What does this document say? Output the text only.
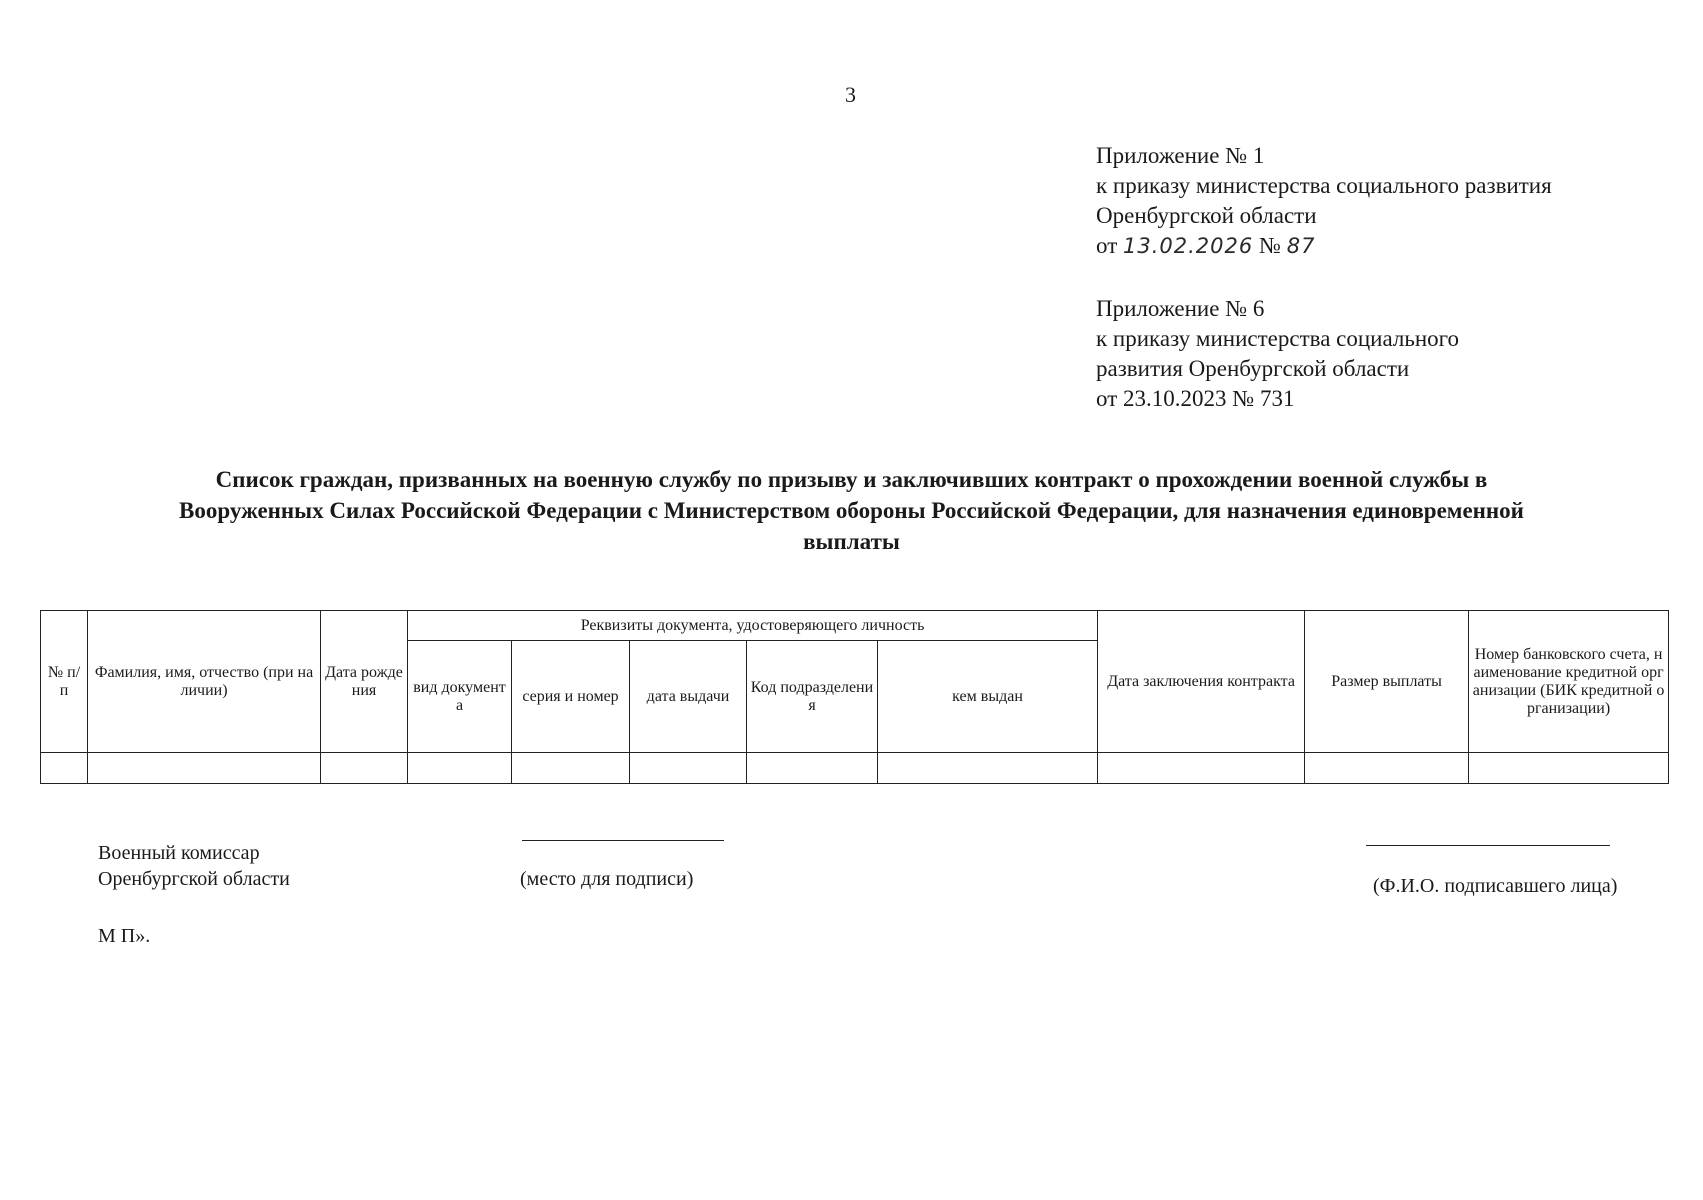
3
Приложение № 1
к приказу министерства социального развития
Оренбургской области
от 13.02.2026 № 87
Приложение № 6
к приказу министерства социального
развития Оренбургской области
от 23.10.2023 № 731
Список граждан, призванных на военную службу по призыву и заключивших контракт о прохождении военной службы в
Вооруженных Силах Российской Федерации с Министерством обороны Российской Федерации, для назначения единовременной
выплаты
№ п/п	Фамилия, имя, отчество (при наличии)	Дата рождения	Реквизиты документа, удостоверяющего личность					Дата заключения контракта	Размер выплаты	Номер банковского счета, наименование кредитной организации (БИК кредитной организации)
			вид документа	серия и номер	дата выдачи	Код подразделения	кем выдан			

Военный комиссар
Оренбургской области	(место для подписи)	(Ф.И.О. подписавшего лица)
М П».
